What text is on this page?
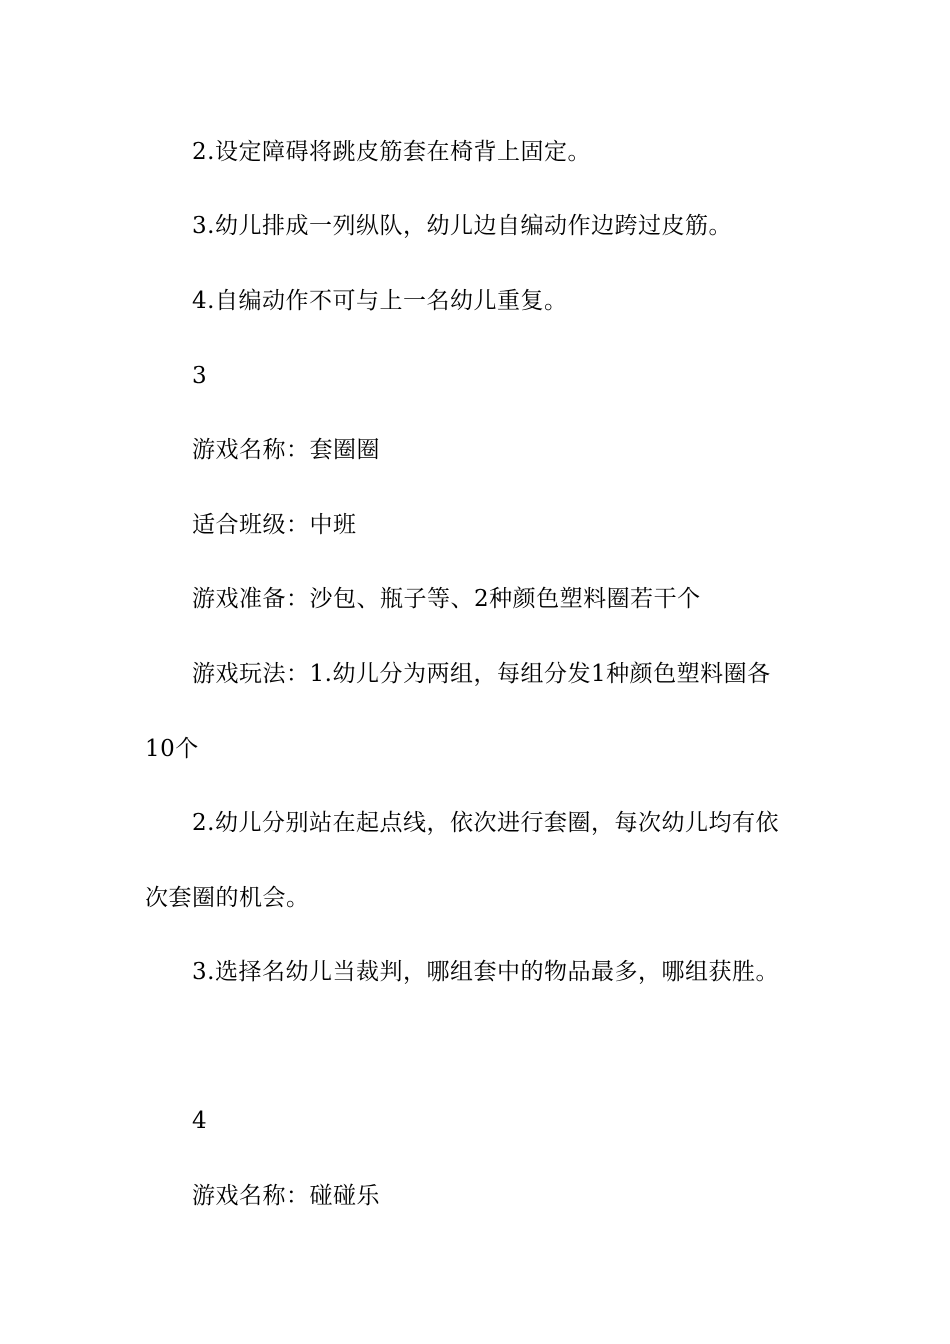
2.设定障碍将跳皮筋套在椅背上固定。
3.幼儿排成一列纵队，幼儿边自编动作边跨过皮筋。
4.自编动作不可与上一名幼儿重复。
3
游戏名称：套圈圈
适合班级：中班
游戏准备：沙包、瓶子等、2种颜色塑料圈若干个
游戏玩法：1.幼儿分为两组，每组分发1种颜色塑料圈各
10个
2.幼儿分别站在起点线，依次进行套圈，每次幼儿均有依
次套圈的机会。
3.选择名幼儿当裁判，哪组套中的物品最多，哪组获胜。
4
游戏名称：碰碰乐
